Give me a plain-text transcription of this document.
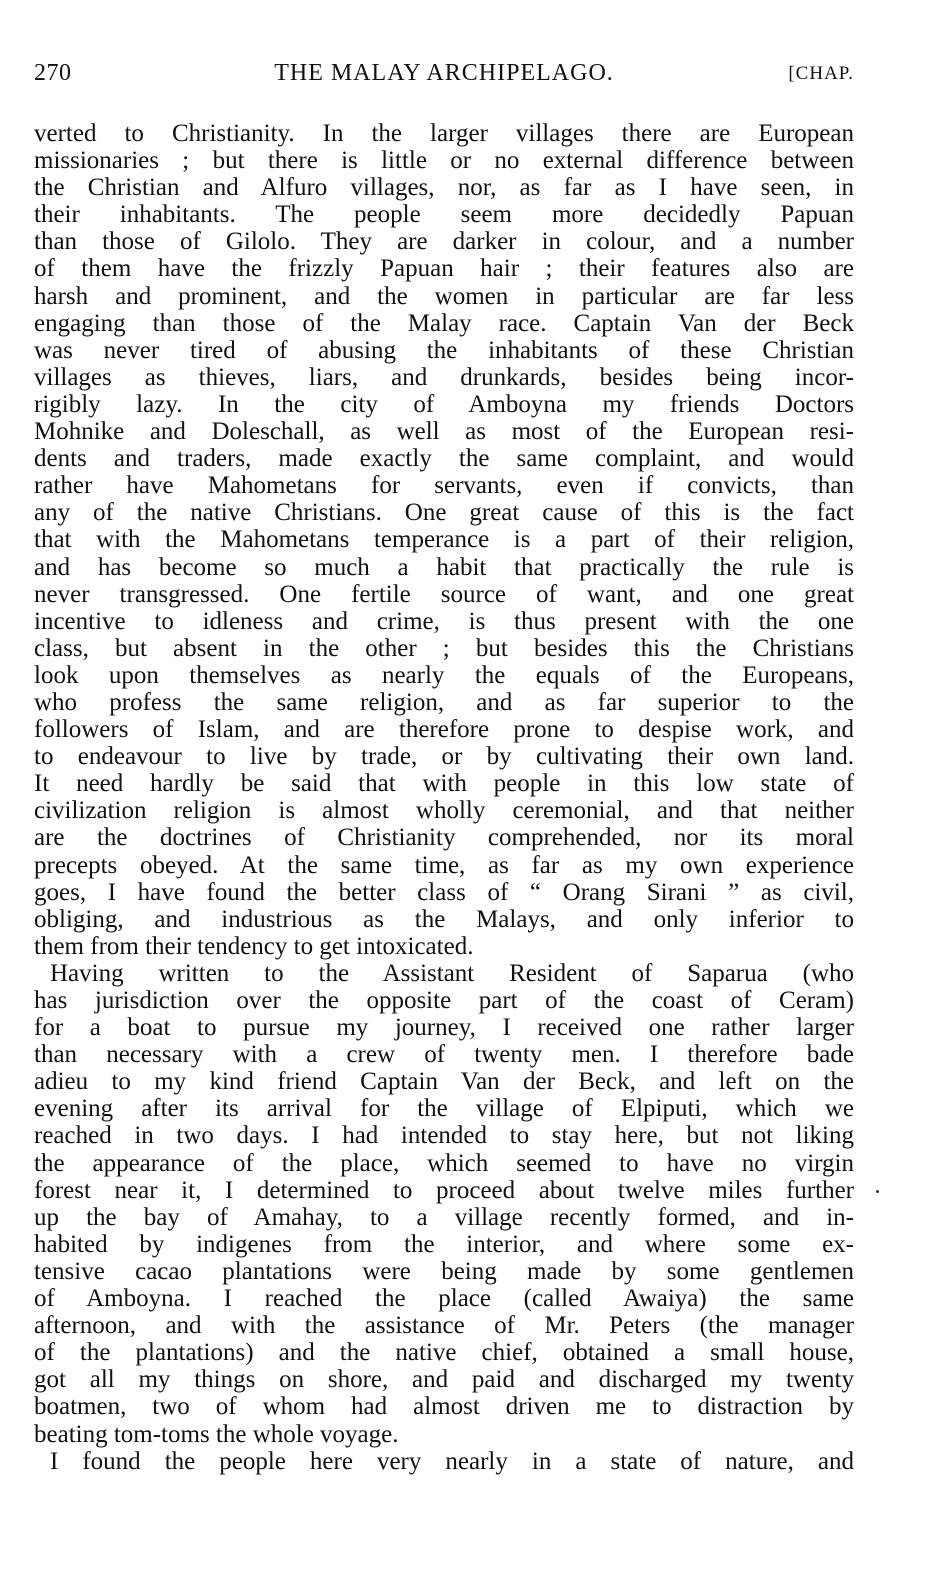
270	THE MALAY ARCHIPELAGO.	[CHAP.
verted to Christianity. In the larger villages there are European
missionaries ; but there is little or no external difference between
the Christian and Alfuro villages, nor, as far as I have seen, in
their inhabitants. The people seem more decidedly Papuan
than those of Gilolo. They are darker in colour, and a number
of them have the frizzly Papuan hair ; their features also are
harsh and prominent, and the women in particular are far less
engaging than those of the Malay race. Captain Van der Beck
was never tired of abusing the inhabitants of these Christian
villages as thieves, liars, and drunkards, besides being incor-
rigibly lazy. In the city of Amboyna my friends Doctors
Mohnike and Doleschall, as well as most of the European resi-
dents and traders, made exactly the same complaint, and would
rather have Mahometans for servants, even if convicts, than
any of the native Christians. One great cause of this is the fact
that with the Mahometans temperance is a part of their religion,
and has become so much a habit that practically the rule is
never transgressed. One fertile source of want, and one great
incentive to idleness and crime, is thus present with the one
class, but absent in the other ; but besides this the Christians
look upon themselves as nearly the equals of the Europeans,
who profess the same religion, and as far superior to the
followers of Islam, and are therefore prone to despise work, and
to endeavour to live by trade, or by cultivating their own land.
It need hardly be said that with people in this low state of
civilization religion is almost wholly ceremonial, and that neither
are the doctrines of Christianity comprehended, nor its moral
precepts obeyed. At the same time, as far as my own experience
goes, I have found the better class of “ Orang Sirani ” as civil,
obliging, and industrious as the Malays, and only inferior to
them from their tendency to get intoxicated.
Having written to the Assistant Resident of Saparua (who
has jurisdiction over the opposite part of the coast of Ceram)
for a boat to pursue my journey, I received one rather larger
than necessary with a crew of twenty men. I therefore bade
adieu to my kind friend Captain Van der Beck, and left on the
evening after its arrival for the village of Elpiputi, which we
reached in two days. I had intended to stay here, but not liking
the appearance of the place, which seemed to have no virgin
forest near it, I determined to proceed about twelve miles further
up the bay of Amahay, to a village recently formed, and in-
habited by indigenes from the interior, and where some ex-
tensive cacao plantations were being made by some gentlemen
of Amboyna. I reached the place (called Awaiya) the same
afternoon, and with the assistance of Mr. Peters (the manager
of the plantations) and the native chief, obtained a small house,
got all my things on shore, and paid and discharged my twenty
boatmen, two of whom had almost driven me to distraction by
beating tom-toms the whole voyage.
I found the people here very nearly in a state of nature, and
